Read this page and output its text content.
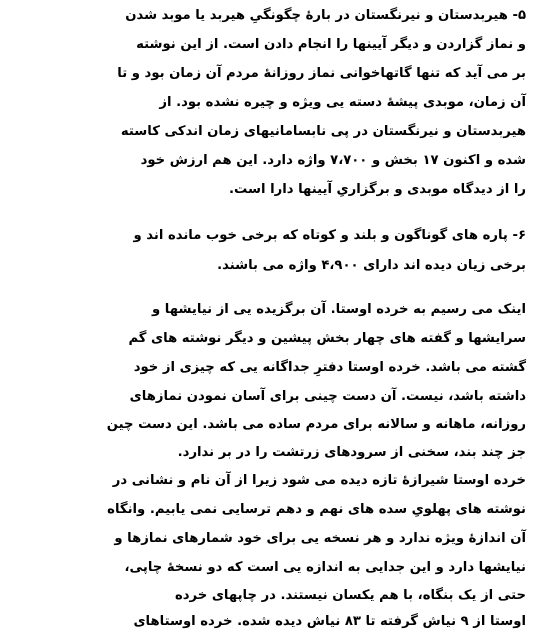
۵- هیربدستان و نیرنگستان در بارهٔ چگونگیِ هیربد یا موبد شدن
و نماز گزاردن و دیگر آیینها را انجام دادن است. از این نوشته
بر می آید که تنها گاتهاخوانی نماز روزانهٔ مردم آن زمان بود و تا
آن زمان، موبدی پیشهٔ دسته یی ویژه و چیره نشده بود. از
هیربدستان و نیرنگستان در پی نابسامانیهای زمان اندکی کاسته
شده و اکنون ۱۷ بخش و ۷،۷۰۰ واژه دارد. این هم ارزش خود
را از دیدگاه موبدی و برگزاریِ آیینها دارا است.
۶- پاره های گوناگون و بلند و کوتاه که برخی خوب مانده اند و
برخی زیان دیده اند دارای ۴،۹۰۰ واژه می باشند.
اینک می رسیم به خرده اوستا. آن برگزیده یی از نیایشها و
سرایشها و گفته های چهار بخش پیشین و دیگر نوشته های گم
گشته می باشد. خرده اوستا دفترِ جداگانه یی که چیزی از خود
داشته باشد، نیست. آن دست چینی برای آسان نمودن نمازهای
روزانه، ماهانه و سالانه برای مردم ساده می باشد. این دست چین
جز چند بند، سخنی از سرودهای زرتشت را در بر ندارد.
خرده اوستا شیرازهٔ تازه دیده می شود زیرا از آن نام و نشانی در
نوشته های پهلویِ سده های نهم و دهم ترسایی نمی یابیم. وانگاه
آن اندازهٔ ویژه ندارد و هر نسخه یی برای خود شمارهای نمازها و
نیایشها دارد و این جدایی به اندازه یی است که دو نسخهٔ چاپی،
حتی از یک بنگاه، با هم یکسان نیستند. در چاپهای خرده
اوستا از ۹ نیاش گرفته تا ۸۳ نیاش دیده شده. خرده اوستاهای
